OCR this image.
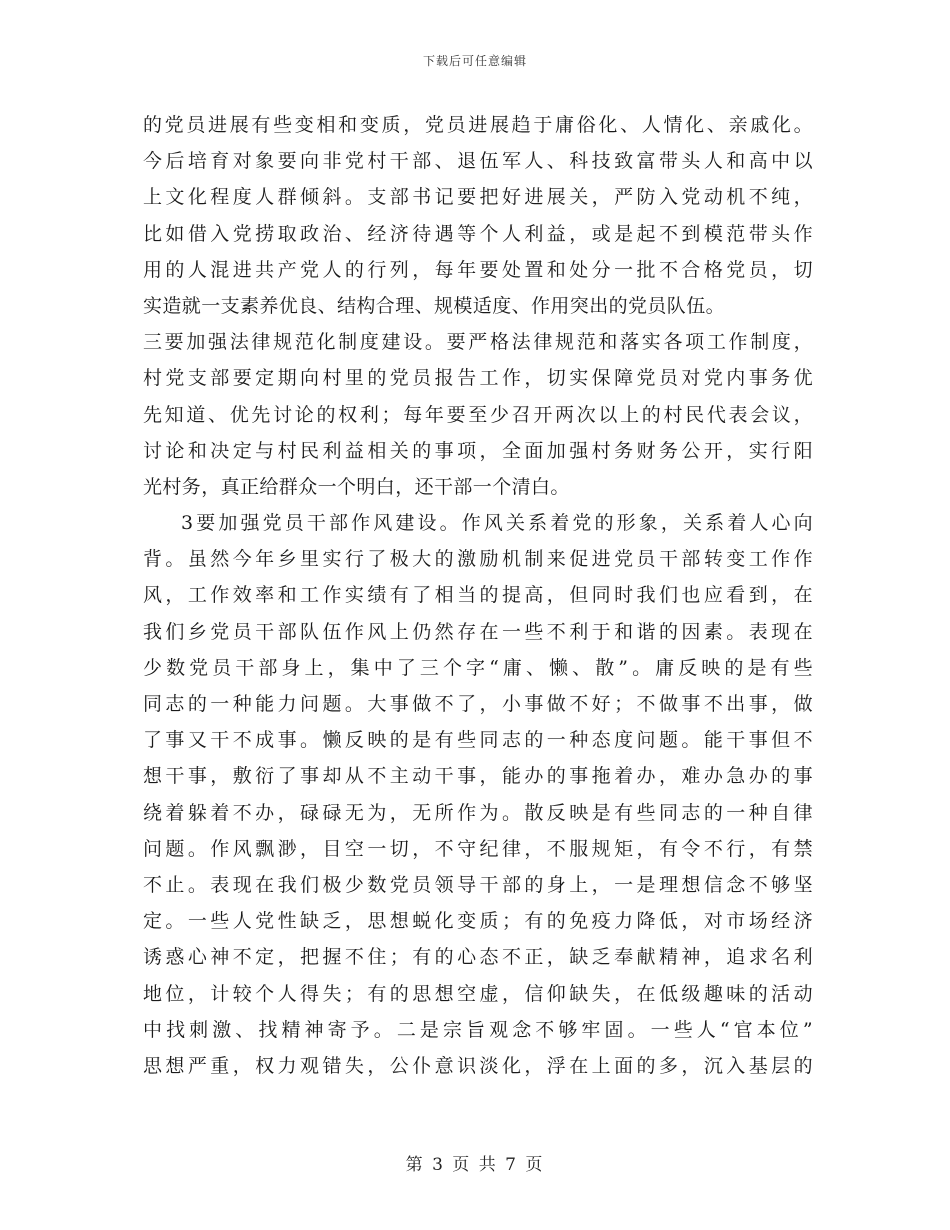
下载后可任意编辑
的党员进展有些变相和变质，党员进展趋于庸俗化、人情化、亲戚化。
今后培育对象要向非党村干部、退伍军人、科技致富带头人和高中以
上文化程度人群倾斜。支部书记要把好进展关，严防入党动机不纯，
比如借入党捞取政治、经济待遇等个人利益，或是起不到模范带头作
用的人混进共产党人的行列，每年要处置和处分一批不合格党员，切
实造就一支素养优良、结构合理、规模适度、作用突出的党员队伍。
三要加强法律规范化制度建设。要严格法律规范和落实各项工作制度，
村党支部要定期向村里的党员报告工作，切实保障党员对党内事务优
先知道、优先讨论的权利；每年要至少召开两次以上的村民代表会议，
讨论和决定与村民利益相关的事项，全面加强村务财务公开，实行阳
光村务，真正给群众一个明白，还干部一个清白。
3要加强党员干部作风建设。作风关系着党的形象，关系着人心向
背。虽然今年乡里实行了极大的激励机制来促进党员干部转变工作作
风，工作效率和工作实绩有了相当的提高，但同时我们也应看到，在
我们乡党员干部队伍作风上仍然存在一些不利于和谐的因素。表现在
少数党员干部身上，集中了三个字“庸、懒、散”。庸反映的是有些
同志的一种能力问题。大事做不了，小事做不好；不做事不出事，做
了事又干不成事。懒反映的是有些同志的一种态度问题。能干事但不
想干事，敷衍了事却从不主动干事，能办的事拖着办，难办急办的事
绕着躲着不办，碌碌无为，无所作为。散反映是有些同志的一种自律
问题。作风飘渺，目空一切，不守纪律，不服规矩，有令不行，有禁
不止。表现在我们极少数党员领导干部的身上，一是理想信念不够坚
定。一些人党性缺乏，思想蜕化变质；有的免疫力降低，对市场经济
诱惑心神不定，把握不住；有的心态不正，缺乏奉献精神，追求名利
地位，计较个人得失；有的思想空虚，信仰缺失，在低级趣味的活动
中找刺激、找精神寄予。二是宗旨观念不够牢固。一些人“官本位”
思想严重，权力观错失，公仆意识淡化，浮在上面的多，沉入基层的
第 3 页 共 7 页
